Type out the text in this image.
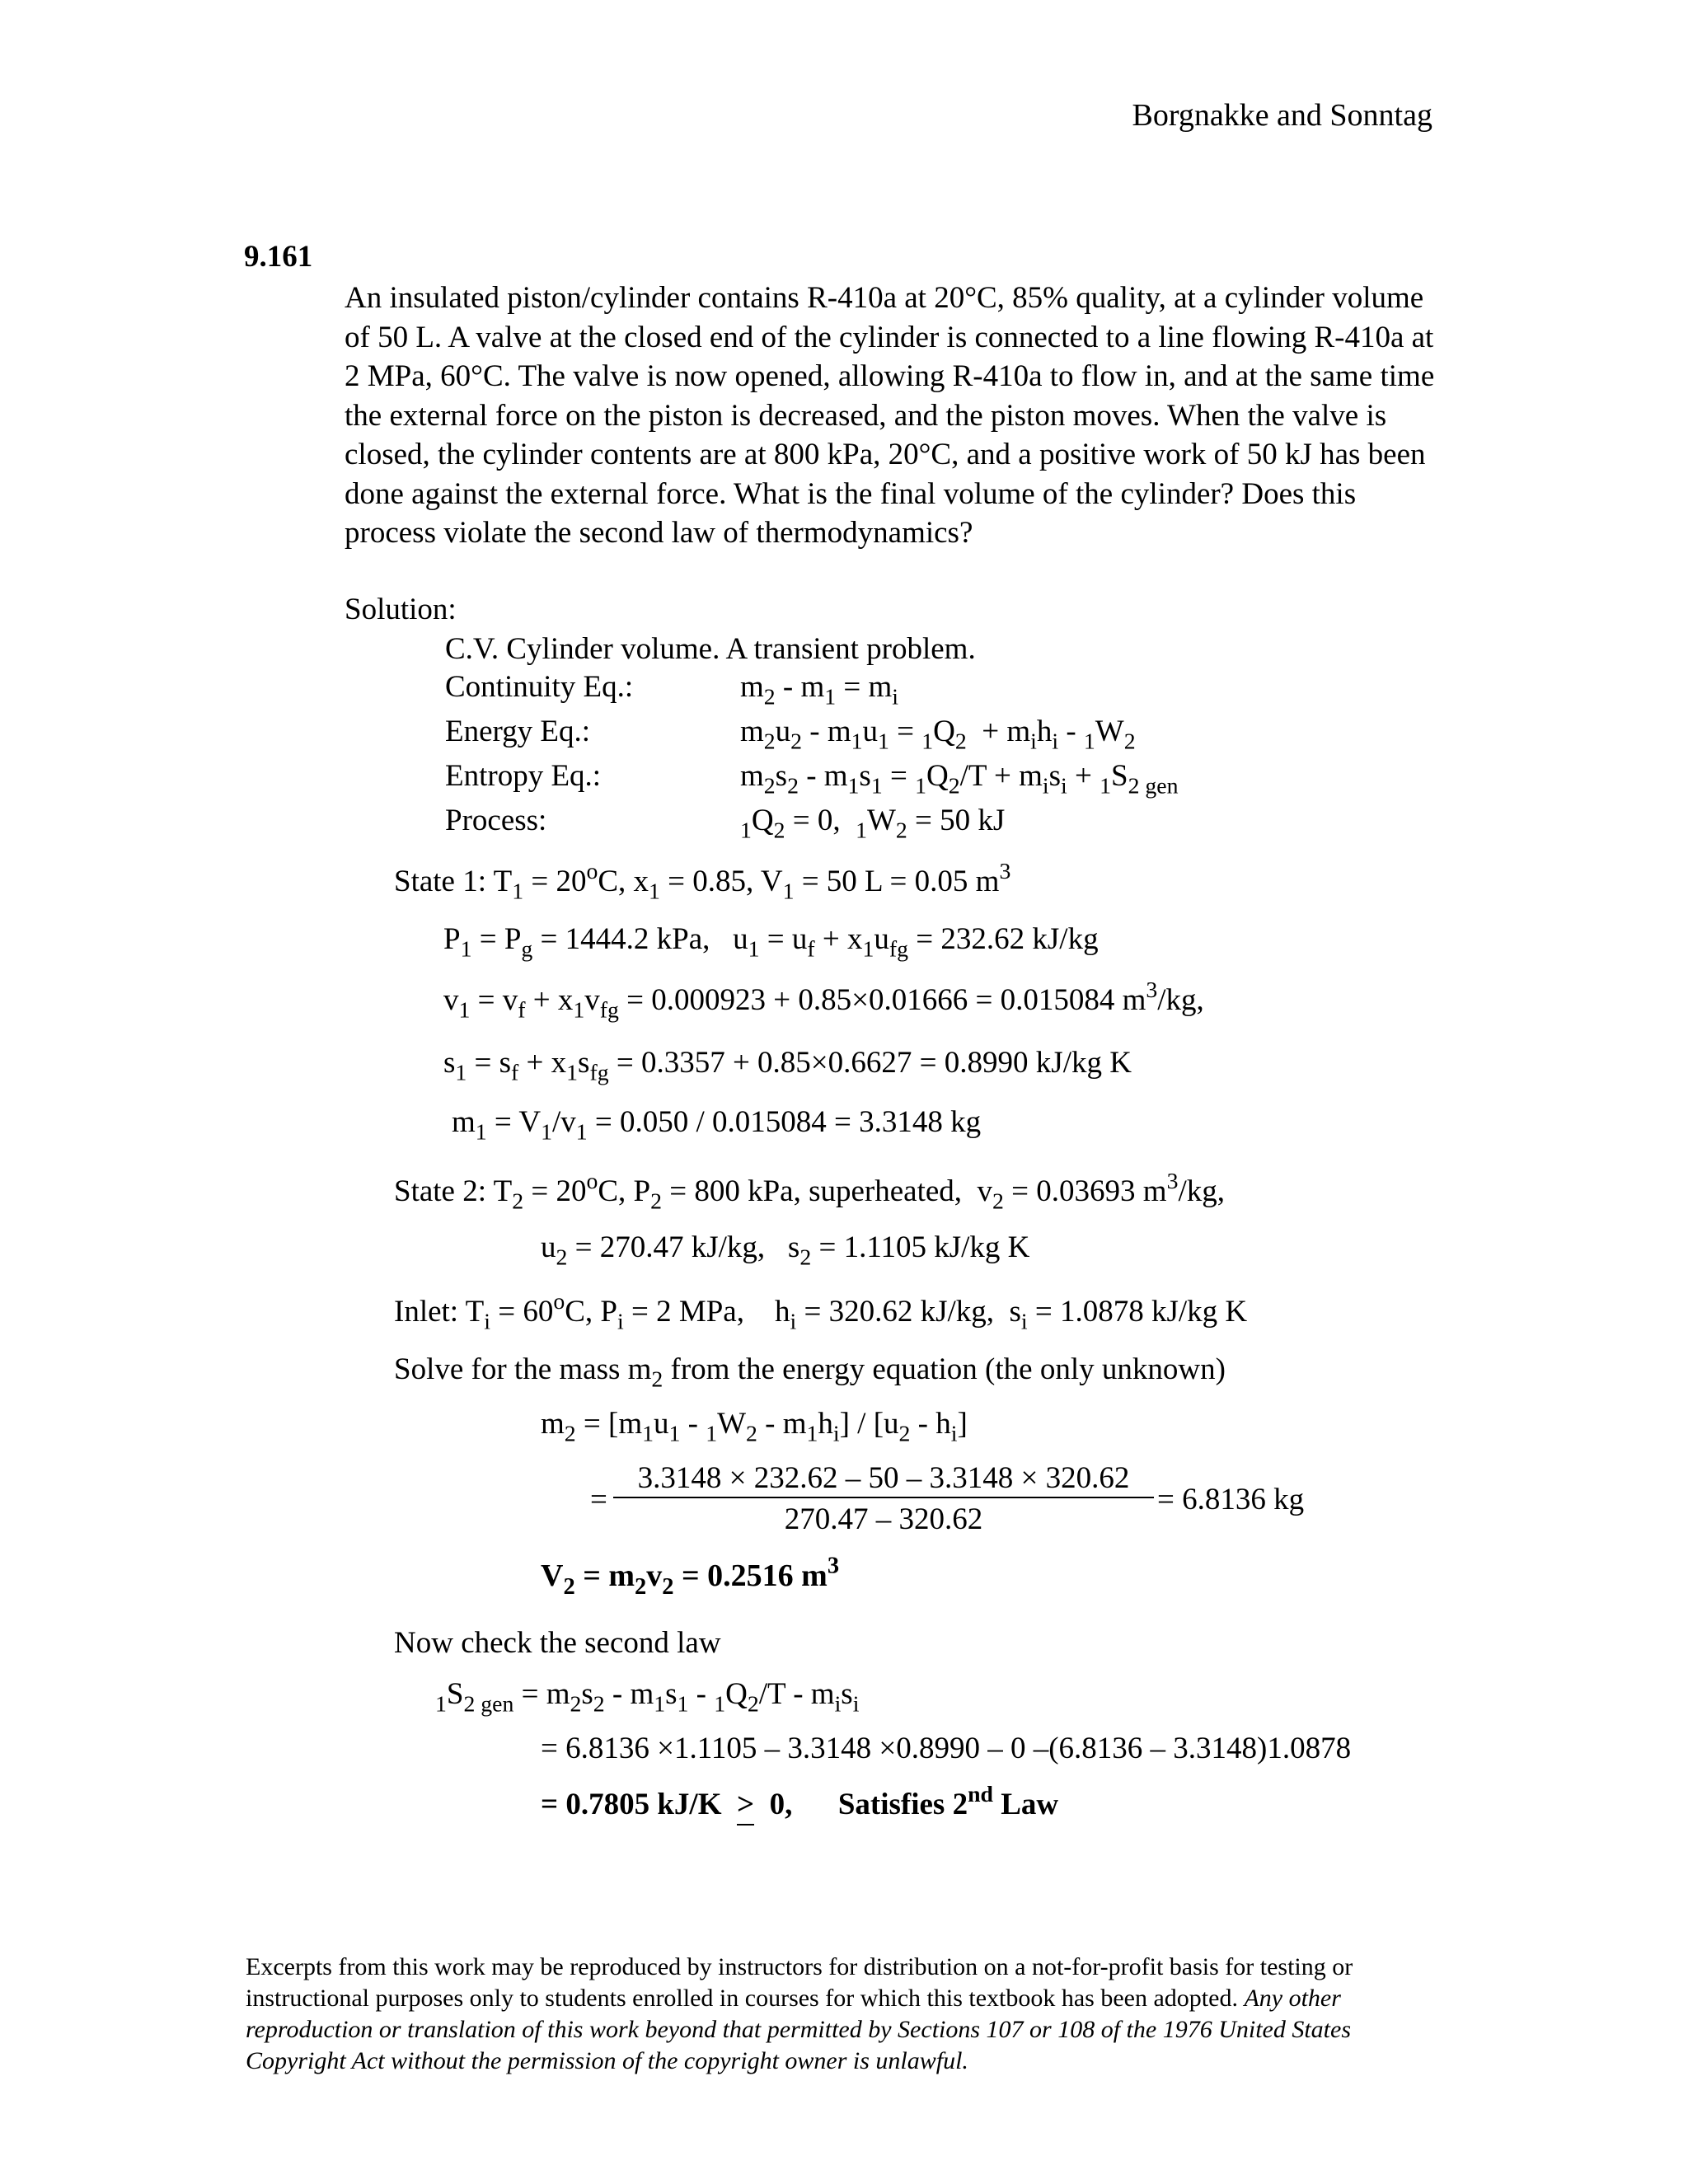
Borgnakke and Sonntag
9.161
An insulated piston/cylinder contains R-410a at 20°C, 85% quality, at a cylinder volume of 50 L. A valve at the closed end of the cylinder is connected to a line flowing R-410a at 2 MPa, 60°C. The valve is now opened, allowing R-410a to flow in, and at the same time the external force on the piston is decreased, and the piston moves. When the valve is closed, the cylinder contents are at 800 kPa, 20°C, and a positive work of 50 kJ has been done against the external force. What is the final volume of the cylinder? Does this process violate the second law of thermodynamics?
Solution:
C.V. Cylinder volume. A transient problem.
Continuity Eq.:	$m_2 - m_1 = m_i$
Energy Eq.:	$m_2u_2 - m_1u_1 = _1Q_2 + m_ih_i - _1W_2$
Entropy Eq.:	$m_2s_2 - m_1s_1 = _1Q_2/T + m_is_i + _1S_{2 gen}$
Process:	$_1Q_2 = 0$,  $_1W_2 = 50$ kJ
State 1: $T_1 = 20^oC$, $x_1 = 0.85$, $V_1 = 50$ L = 0.05 $m^3$
$P_1 = P_g = 1444.2$ kPa,   $u_1 = u_f + x_1u_{fg} = 232.62$ kJ/kg
$v_1 = v_f + x_1v_{fg} = 0.000923 + 0.85\times 0.01666 = 0.015084$ $m^3/kg$,
$s_1 = s_f + x_1s_{fg} = 0.3357 + 0.85\times 0.6627 = 0.8990$ kJ/kg K
$m_1 = V_1/v_1 = 0.050 / 0.015084 = 3.3148$ kg
State 2: $T_2 = 20^oC$, $P_2 = 800$ kPa, superheated,  $v_2 = 0.03693$ $m^3/kg$,
$u_2 = 270.47$ kJ/kg,   $s_2 = 1.1105$ kJ/kg K
Inlet: $T_i = 60^oC$, $P_i = 2$ MPa,    $h_i = 320.62$ kJ/kg,  $s_i = 1.0878$ kJ/kg K
Solve for the mass $m_2$ from the energy equation (the only unknown)
$m_2 = [m_1u_1 - _1W_2 - m_1h_i] / [u_2 - h_i]$
=
3.3148 × 232.62 – 50 – 3.3148 × 320.62
270.47 – 320.62
= 6.8136 kg
$V_2 = m_2v_2 = 0.2516$ $m^3$
Now check the second law
$_1S_{2 gen} = m_2s_2 - m_1s_1 - _1Q_2/T - m_is_i$
= 6.8136 ×1.1105 – 3.3148 ×0.8990 – 0 –(6.8136 – 3.3148)1.0878
= 0.7805 kJ/K  >  0,      Satisfies 2nd Law
Excerpts from this work may be reproduced by instructors for distribution on a not-for-profit basis for testing or instructional purposes only to students enrolled in courses for which this textbook has been adopted. Any other reproduction or translation of this work beyond that permitted by Sections 107 or 108 of the 1976 United States Copyright Act without the permission of the copyright owner is unlawful.
